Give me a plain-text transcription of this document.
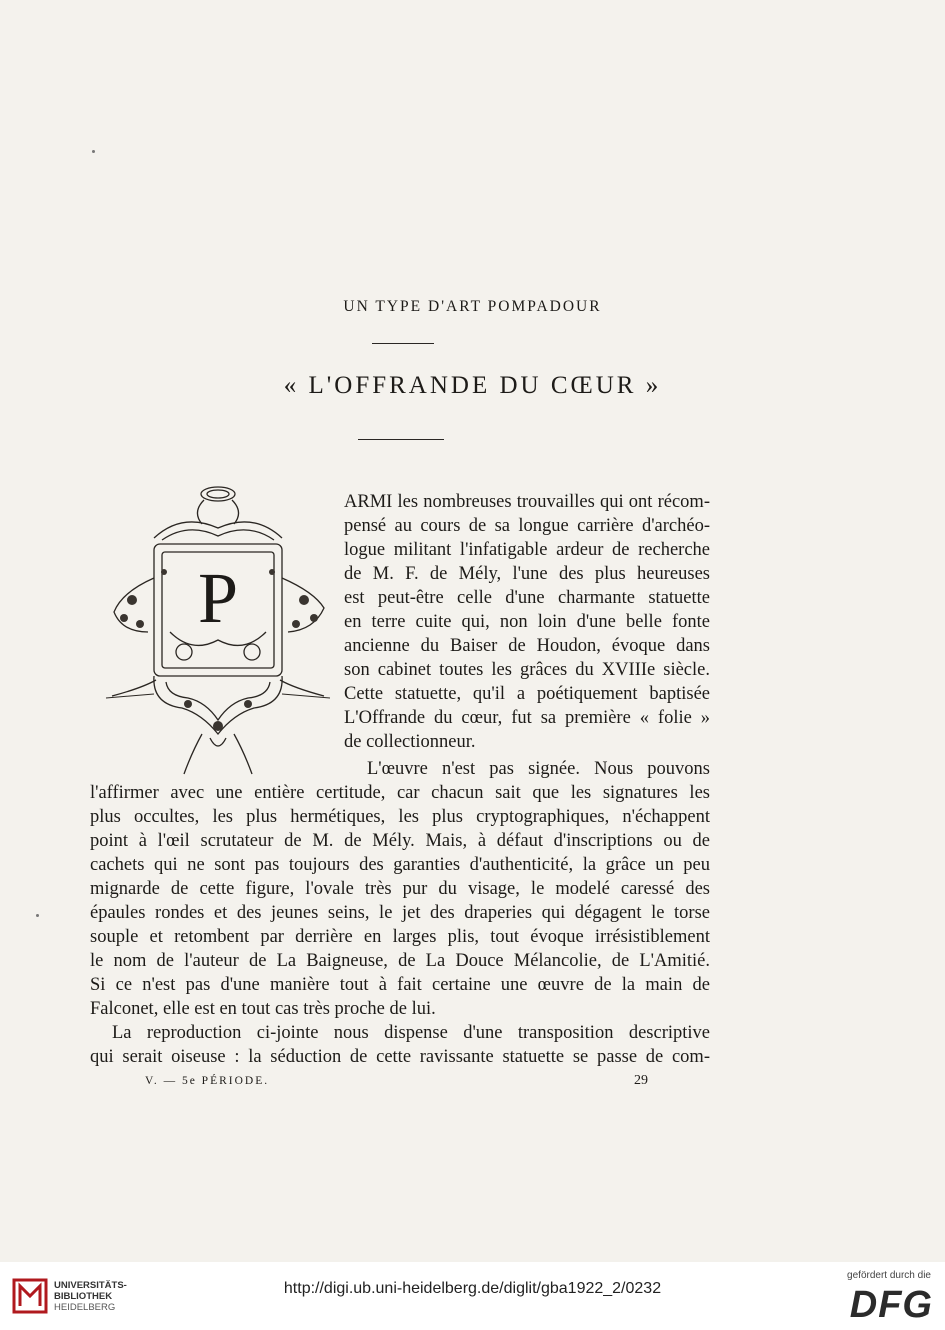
UN TYPE D'ART POMPADOUR
« L'OFFRANDE DU CŒUR »
P
ARMI les nombreuses trouvailles qui ont récom-
pensé au cours de sa longue carrière d'archéo-
logue militant l'infatigable ardeur de recherche
de M. F. de Mély, l'une des plus heureuses
est peut-être celle d'une charmante statuette
en terre cuite qui, non loin d'une belle fonte
ancienne du Baiser de Houdon, évoque dans
son cabinet toutes les grâces du XVIIIe siècle.
Cette statuette, qu'il a poétiquement baptisée
L'Offrande du cœur, fut sa première « folie »
de collectionneur.
L'œuvre n'est pas signée. Nous pouvons
l'affirmer avec une entière certitude, car chacun sait que les signatures les
plus occultes, les plus hermétiques, les plus cryptographiques, n'échappent
point à l'œil scrutateur de M. de Mély. Mais, à défaut d'inscriptions ou de
cachets qui ne sont pas toujours des garanties d'authenticité, la grâce un peu
mignarde de cette figure, l'ovale très pur du visage, le modelé caressé des
épaules rondes et des jeunes seins, le jet des draperies qui dégagent le torse
souple et retombent par derrière en larges plis, tout évoque irrésistiblement
le nom de l'auteur de La Baigneuse, de La Douce Mélancolie, de L'Amitié.
Si ce n'est pas d'une manière tout à fait certaine une œuvre de la main de
Falconet, elle est en tout cas très proche de lui.
La reproduction ci-jointe nous dispense d'une transposition descriptive
qui serait oiseuse : la séduction de cette ravissante statuette se passe de com-
V. — 5e PÉRIODE.	29
UNIVERSITÄTS-
BIBLIOTHEK
HEIDELBERG
http://digi.ub.uni-heidelberg.de/diglit/gba1922_2/0232
gefördert durch die
DFG
